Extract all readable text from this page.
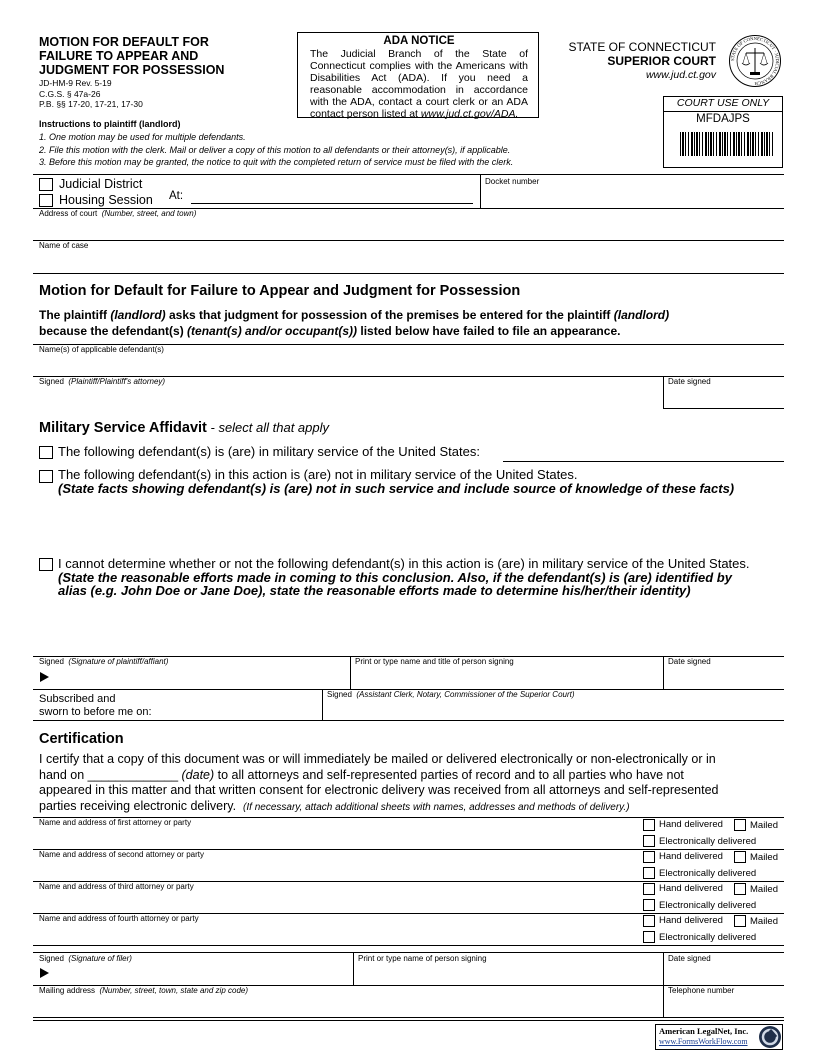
MOTION FOR DEFAULT FOR
FAILURE TO APPEAR AND
JUDGMENT FOR POSSESSION
JD-HM-9 Rev. 5-19
C.G.S. § 47a-26
P.B. §§ 17-20, 17-21, 17-30
Instructions to plaintiff (landlord)
1. One motion may be used for multiple defendants.
2. File this motion with the clerk. Mail or deliver a copy of this motion to all defendants or their attorney(s), if applicable.
3. Before this motion may be granted, the notice to quit with the completed return of service must be filed with the clerk.
ADA NOTICE
The Judicial Branch of the State of Connecticut complies with the Americans with Disabilities Act (ADA). If you need a reasonable accommodation in accordance with the ADA, contact a court clerk or an ADA contact person listed at www.jud.ct.gov/ADA.
STATE OF CONNECTICUT
SUPERIOR COURT
www.jud.ct.gov
STATE OF CONNECTICUT · JUDICIAL BRANCH
COURT USE ONLY
MFDAJPS
Judicial District
Housing Session At:
Docket number
Address of court (Number, street, and town)
Name of case
Motion for Default for Failure to Appear and Judgment for Possession
The plaintiff (landlord) asks that judgment for possession of the premises be entered for the plaintiff (landlord)
because the defendant(s) (tenant(s) and/or occupant(s)) listed below have failed to file an appearance.
Name(s) of applicable defendant(s)
Signed (Plaintiff/Plaintiff's attorney)	Date signed
Military Service Affidavit - select all that apply
The following defendant(s) is (are) in military service of the United States:
The following defendant(s) in this action is (are) not in military service of the United States.
(State facts showing defendant(s) is (are) not in such service and include source of knowledge of these facts)
I cannot determine whether or not the following defendant(s) in this action is (are) in military service of the United States.
(State the reasonable efforts made in coming to this conclusion. Also, if the defendant(s) is (are) identified by
alias (e.g. John Doe or Jane Doe), state the reasonable efforts made to determine his/her/their identity)
Signed (Signature of plaintiff/affiant)	Print or type name and title of person signing	Date signed
Subscribed and
sworn to before me on:
Signed (Assistant Clerk, Notary, Commissioner of the Superior Court)
Certification
I certify that a copy of this document was or will immediately be mailed or delivered electronically or non-electronically or in
hand on _____________ (date) to all attorneys and self-represented parties of record and to all parties who have not
appeared in this matter and that written consent for electronic delivery was received from all attorneys and self-represented
parties receiving electronic delivery. (If necessary, attach additional sheets with names, addresses and methods of delivery.)
Name and address of first attorney or party	Hand delivered	Mailed
Electronically delivered
Name and address of second attorney or party	Hand delivered	Mailed
Electronically delivered
Name and address of third attorney or party	Hand delivered	Mailed
Electronically delivered
Name and address of fourth attorney or party	Hand delivered	Mailed
Electronically delivered
Signed (Signature of filer)	Print or type name of person signing	Date signed
Mailing address (Number, street, town, state and zip code)	Telephone number
American LegalNet, Inc.
www.FormsWorkFlow.com
